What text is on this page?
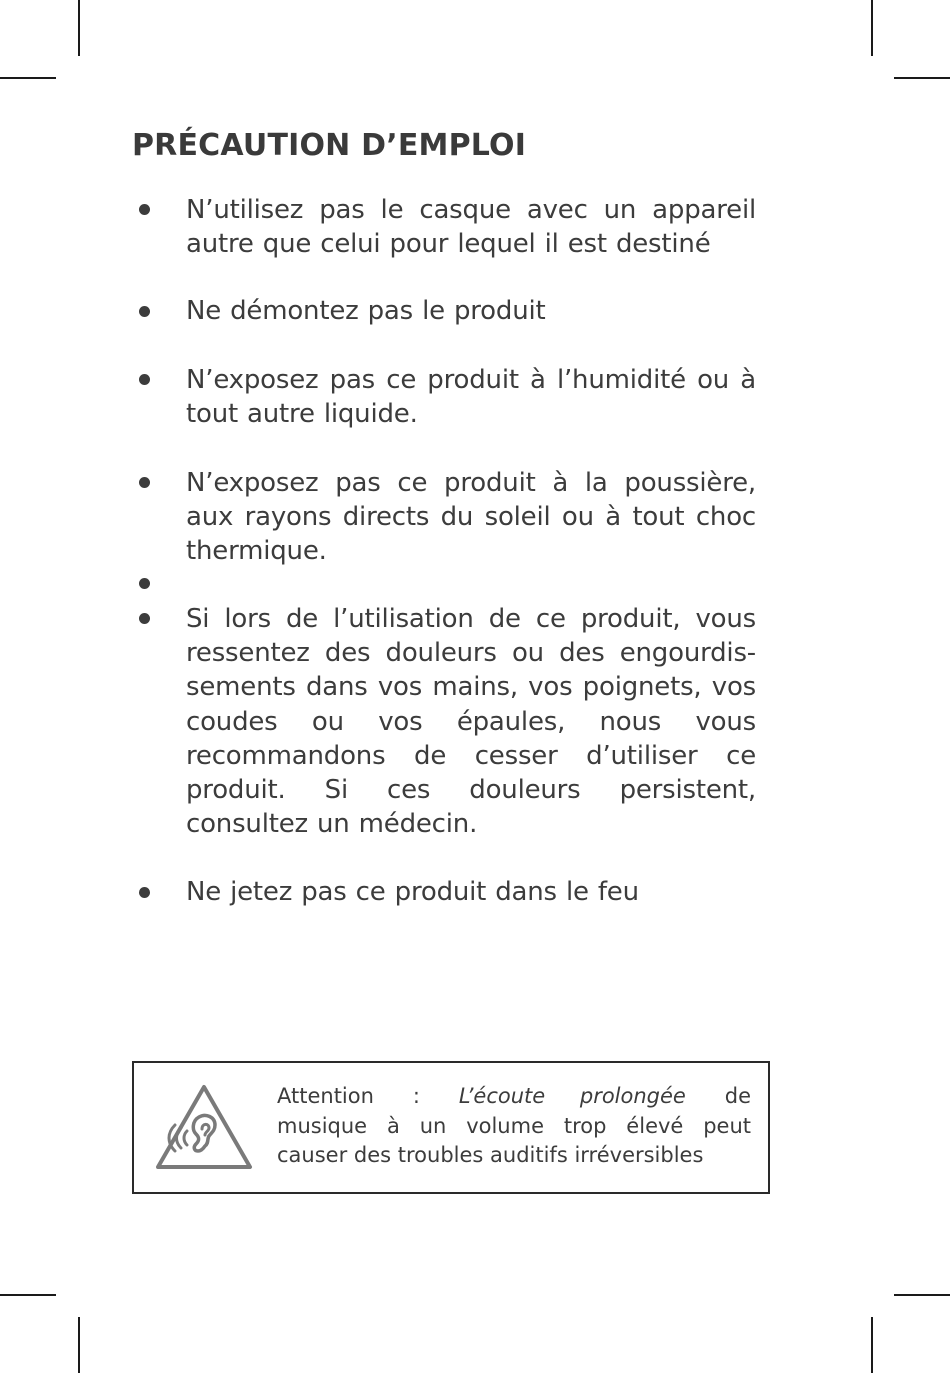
PRÉCAUTION D’EMPLOI
N’utilisez pas le casque avec un appareil autre que celui pour lequel il est destiné
Ne démontez pas le produit
N’exposez pas ce produit à l’humidité ou à tout autre liquide.
N’exposez pas ce produit à la poussière, aux rayons directs du soleil ou à tout choc thermique.
Si lors de l’utilisation de ce produit, vous ressentez des douleurs ou des engourdis-sements dans vos mains, vos poignets, vos coudes ou vos épaules, nous vous recommandons de cesser d’utiliser ce produit. Si ces douleurs persistent, consultez un médecin.
Ne jetez pas ce produit dans le feu
Attention : L’écoute prolongée de
musique à un volume trop élevé peut
causer des troubles auditifs irréversibles
